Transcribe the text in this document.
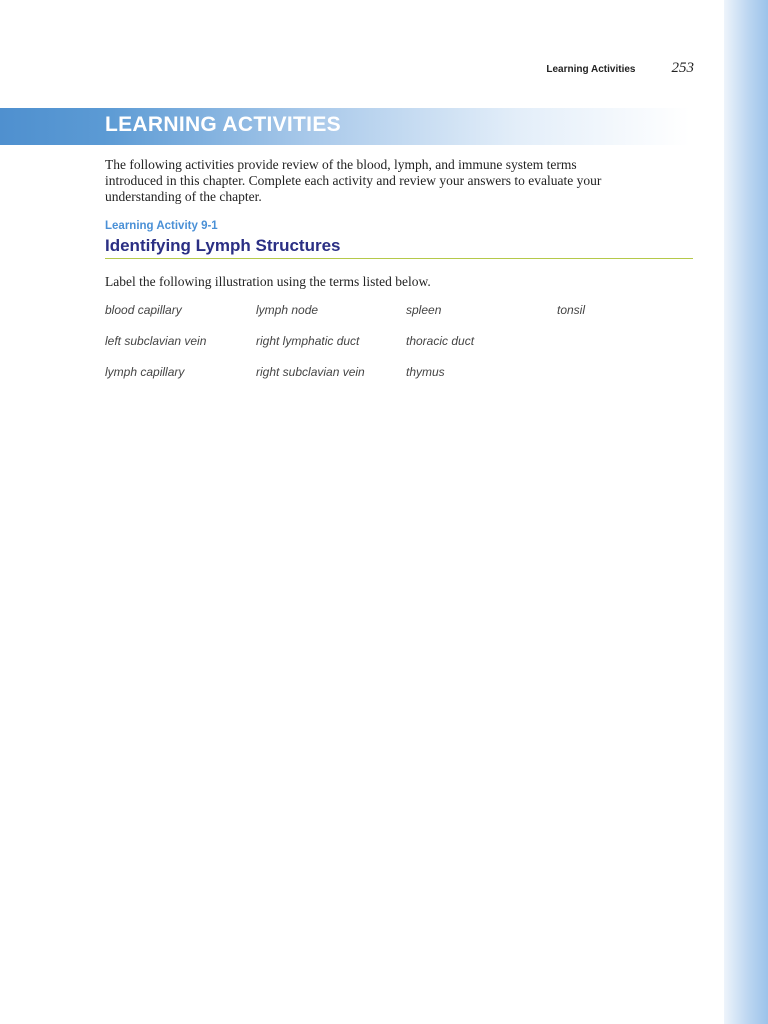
Learning Activities 253
LEARNING ACTIVITIES

The following activities provide review of the blood, lymph, and immune system terms introduced in this chapter. Complete each activity and review your answers to evaluate your understanding of the chapter.

Learning Activity 9-1
Identifying Lymph Structures
Label the following illustration using the terms listed below.
blood capillary	lymph node	spleen	tonsil
left subclavian vein	right lymphatic duct	thoracic duct
lymph capillary	right subclavian vein	thymus
